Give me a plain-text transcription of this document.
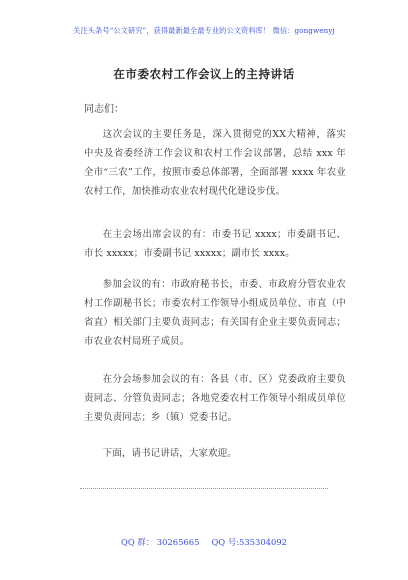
关注头条号“公文研究”，获得最新最全最专业的公文资料库！ 微信：gongwenyj
在市委农村工作会议上的主持讲话
同志们：
这次会议的主要任务是，深入贯彻党的XX大精神，落实中央及省委经济工作会议和农村工作会议部署，总结 xxx 年全市“三农”工作，按照市委总体部署，全面部署 xxxx 年农业农村工作，加快推动农业农村现代化建设步伐。
在主会场出席会议的有：市委书记 xxxx；市委副书记、市长 xxxxx；市委副书记 xxxxx；副市长 xxxx。
参加会议的有：市政府秘书长，市委、市政府分管农业农村工作副秘书长；市委农村工作领导小组成员单位、市直（中省直）相关部门主要负责同志；有关国有企业主要负责同志；市农业农村局班子成员。
在分会场参加会议的有：各县（市、区）党委政府主要负责同志、分管负责同志；各地党委农村工作领导小组成员单位主要负责同志；乡（镇）党委书记。
下面，请书记讲话，大家欢迎。
QQ 群： 30265665 QQ 号:535304092
